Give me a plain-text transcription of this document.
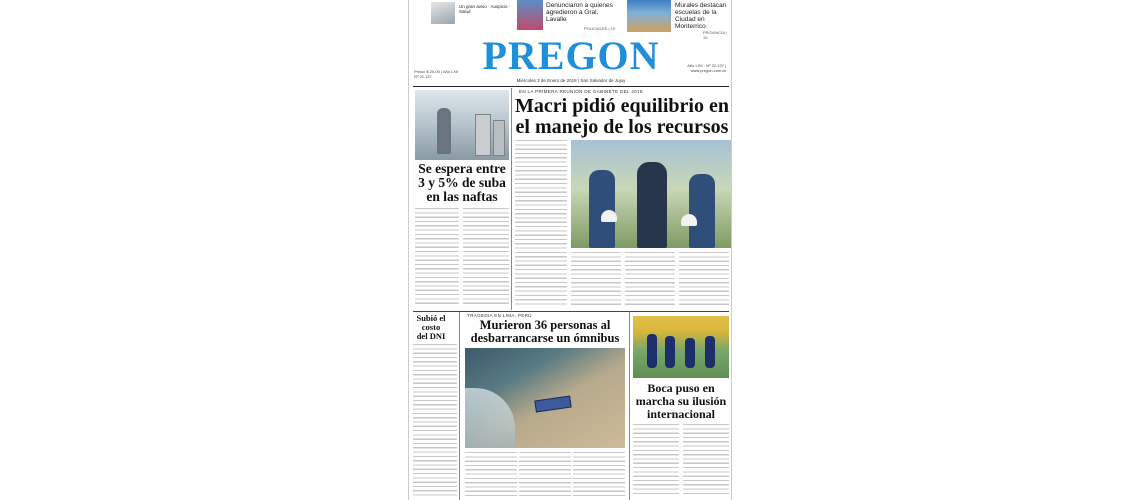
Un gran aviso · Auspicio · Salud
Denunciaron a quienes agredieron a Gral. Lavalle
POLICIALES | 19
Murales destacan escuelas de la Ciudad en Monterrico
PROVINCIA | 15
PREGON
Precio $ 20,00 | Año LXII · Nº 22.137
Año LXII · Nº 22.137 | www.pregon.com.ar
Miércoles 3 de Enero de 2018 | San Salvador de Jujuy
EN LA PRIMERA REUNIÓN DE GABINETE DEL 2018
Macri pidió equilibrio en
el manejo de los recursos
Se espera entre
3 y 5% de suba
en las naftas
Subió el
costo
del DNI
TRAGEDIA EN LIMA, PERÚ
Murieron 36 personas al
desbarrancarse un ómnibus
Boca puso en
marcha su ilusión
internacional
